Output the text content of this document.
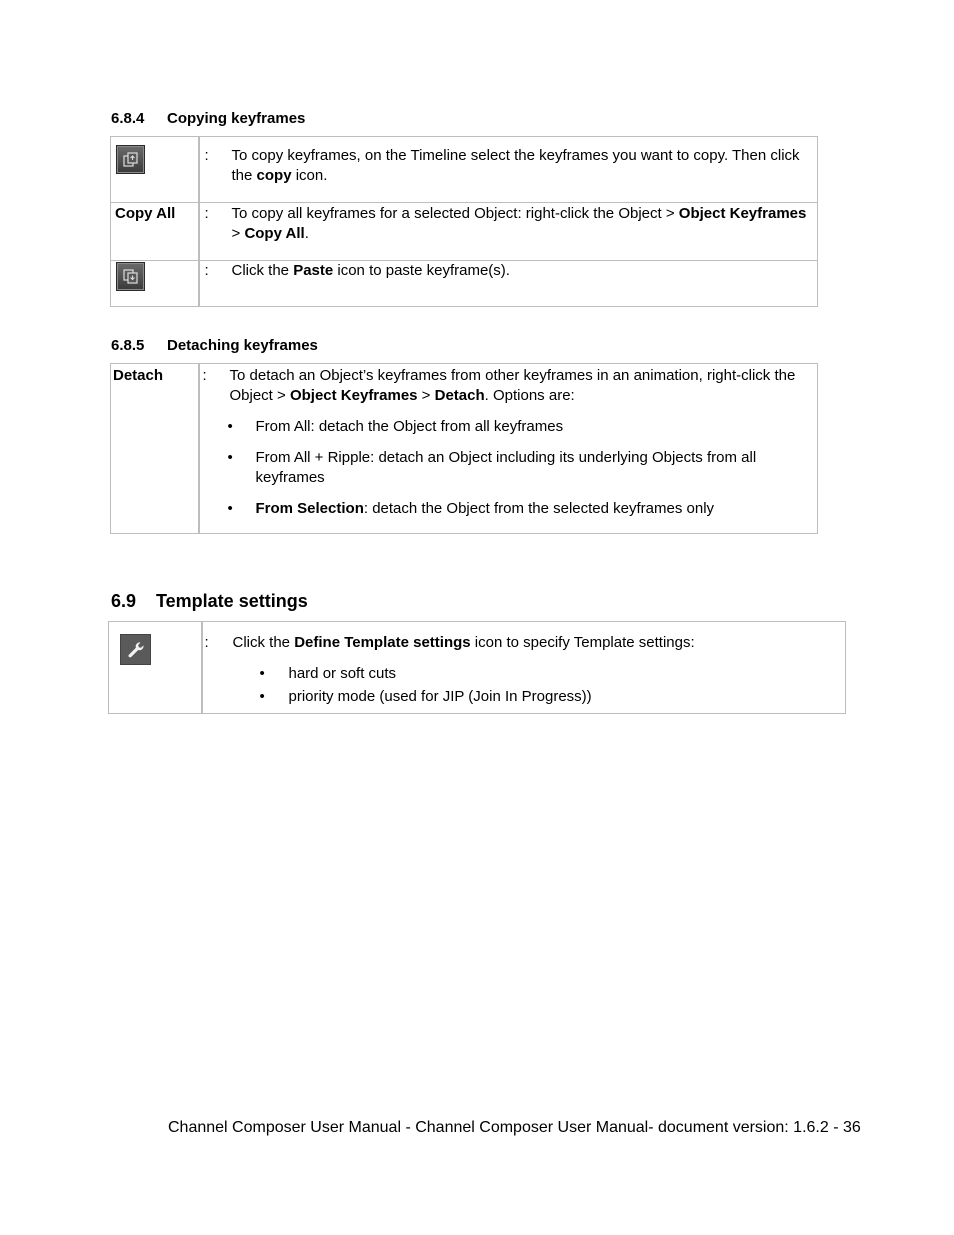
6.8.4 Copying keyframes

: To copy keyframes, on the Timeline select the keyframes you want to copy. Then click the copy icon.

Copy All	: To copy all keyframes for a selected Object: right-click the Object > Object Keyframes > Copy All.

: Click the Paste icon to paste keyframe(s).
6.8.5 Detaching keyframes
Detach	:	To detach an Object’s keyframes from other keyframes in an animation, right-click the Object > Object Keyframes > Detach. Options are:
• From All: detach the Object from all keyframes
• From All + Ripple: detach an Object including its underlying Objects from all keyframes
• From Selection: detach the Object from the selected keyframes only
6.9 Template settings

:	Click the Define Template settings icon to specify Template settings:
• hard or soft cuts
• priority mode (used for JIP (Join In Progress))
Channel Composer User Manual - Channel Composer User Manual- document version: 1.6.2 - 36
